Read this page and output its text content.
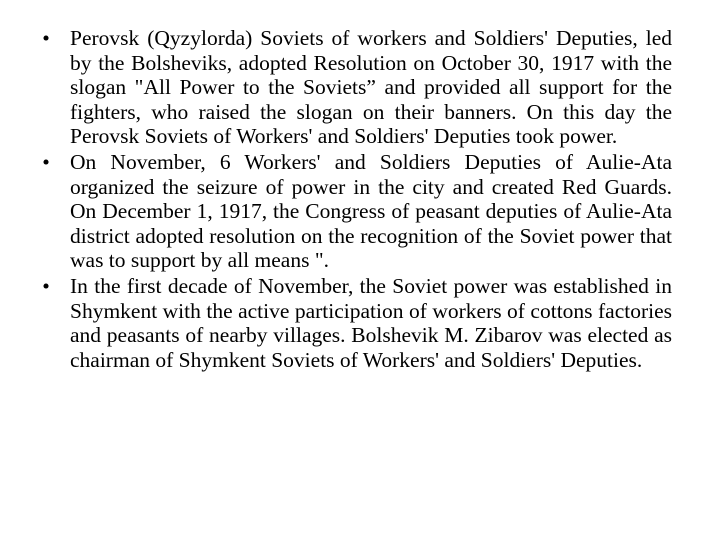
• Perovsk (Qyzylorda) Soviets of workers and Soldiers' Deputies, led by the Bolsheviks, adopted Resolution on October 30, 1917 with the slogan "All Power to the Soviets” and provided all support for the fighters, who raised the slogan on their banners. On this day the Perovsk Soviets of Workers' and Soldiers' Deputies took power.
• On November, 6 Workers' and Soldiers Deputies of Aulie-Ata organized the seizure of power in the city and created Red Guards. On December 1, 1917, the Congress of peasant deputies of Aulie-Ata district adopted resolution on the recognition of the Soviet power that was to support by all means ".
• In the first decade of November, the Soviet power was established in Shymkent with the active participation of workers of cottons factories and peasants of nearby villages. Bolshevik M. Zibarov was elected as chairman of Shymkent Soviets of Workers' and Soldiers' Deputies.
